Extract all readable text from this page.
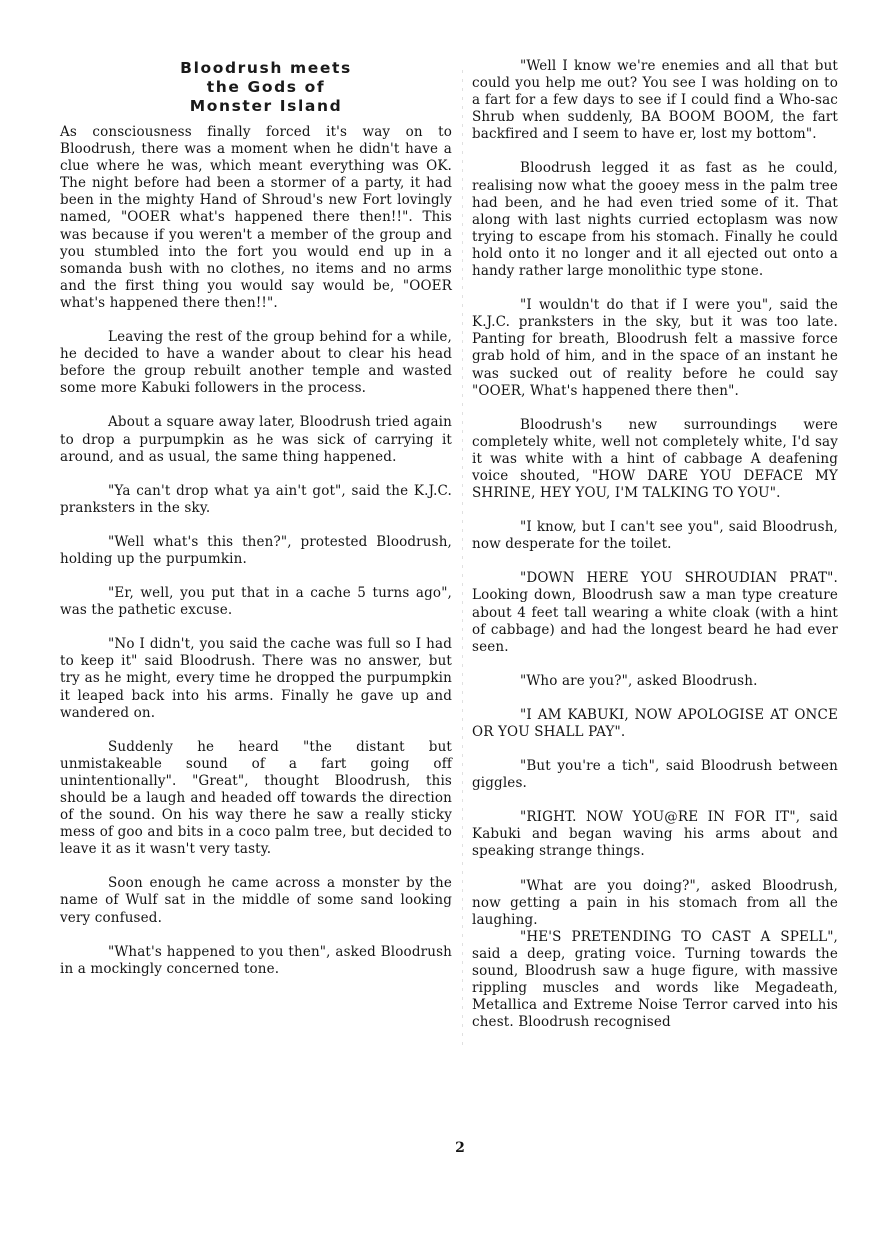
Bloodrush meets
the Gods of
Monster Island

As consciousness finally forced it's way on to Bloodrush, there was a moment when he didn't have a clue where he was, which meant everything was OK. The night before had been a stormer of a party, it had been in the mighty Hand of Shroud's new Fort lovingly named, "OOER what's happened there then!!". This was because if you weren't a member of the group and you stumbled into the fort you would end up in a somanda bush with no clothes, no items and no arms and the first thing you would say would be, "OOER what's happened there then!!".

Leaving the rest of the group behind for a while, he decided to have a wander about to clear his head before the group rebuilt another temple and wasted some more Kabuki followers in the process.

About a square away later, Bloodrush tried again to drop a purpumpkin as he was sick of carrying it around, and as usual, the same thing happened.

"Ya can't drop what ya ain't got", said the K.J.C. pranksters in the sky.

"Well what's this then?", protested Bloodrush, holding up the purpumkin.

"Er, well, you put that in a cache 5 turns ago", was the pathetic excuse.

"No I didn't, you said the cache was full so I had to keep it" said Bloodrush. There was no answer, but try as he might, every time he dropped the purpumpkin it leaped back into his arms. Finally he gave up and wandered on.

Suddenly he heard "the distant but unmistakeable sound of a fart going off unintentionally". "Great", thought Bloodrush, this should be a laugh and headed off towards the direction of the sound. On his way there he saw a really sticky mess of goo and bits in a coco palm tree, but decided to leave it as it wasn't very tasty.

Soon enough he came across a monster by the name of Wulf sat in the middle of some sand looking very confused.

"What's happened to you then", asked Bloodrush in a mockingly concerned tone.

"Well I know we're enemies and all that but could you help me out? You see I was holding on to a fart for a few days to see if I could find a Who-sac Shrub when suddenly, BA BOOM BOOM, the fart backfired and I seem to have er, lost my bottom".

Bloodrush legged it as fast as he could, realising now what the gooey mess in the palm tree had been, and he had even tried some of it. That along with last nights curried ectoplasm was now trying to escape from his stomach. Finally he could hold onto it no longer and it all ejected out onto a handy rather large monolithic type stone.

"I wouldn't do that if I were you", said the K.J.C. pranksters in the sky, but it was too late. Panting for breath, Bloodrush felt a massive force grab hold of him, and in the space of an instant he was sucked out of reality before he could say "OOER, What's happened there then".

Bloodrush's new surroundings were completely white, well not completely white, I'd say it was white with a hint of cabbage A deafening voice shouted, "HOW DARE YOU DEFACE MY SHRINE, HEY YOU, I'M TALKING TO YOU".

"I know, but I can't see you", said Bloodrush, now desperate for the toilet.

"DOWN HERE YOU SHROUDIAN PRAT". Looking down, Bloodrush saw a man type creature about 4 feet tall wearing a white cloak (with a hint of cabbage) and had the longest beard he had ever seen.

"Who are you?", asked Bloodrush.

"I AM KABUKI, NOW APOLOGISE AT ONCE OR YOU SHALL PAY".

"But you're a tich", said Bloodrush between giggles.

"RIGHT. NOW YOU@RE IN FOR IT", said Kabuki and began waving his arms about and speaking strange things.

"What are you doing?", asked Bloodrush, now getting a pain in his stomach from all the laughing.

"HE'S PRETENDING TO CAST A SPELL", said a deep, grating voice. Turning towards the sound, Bloodrush saw a huge figure, with massive rippling muscles and words like Megadeath, Metallica and Extreme Noise Terror carved into his chest. Bloodrush recognised

2
